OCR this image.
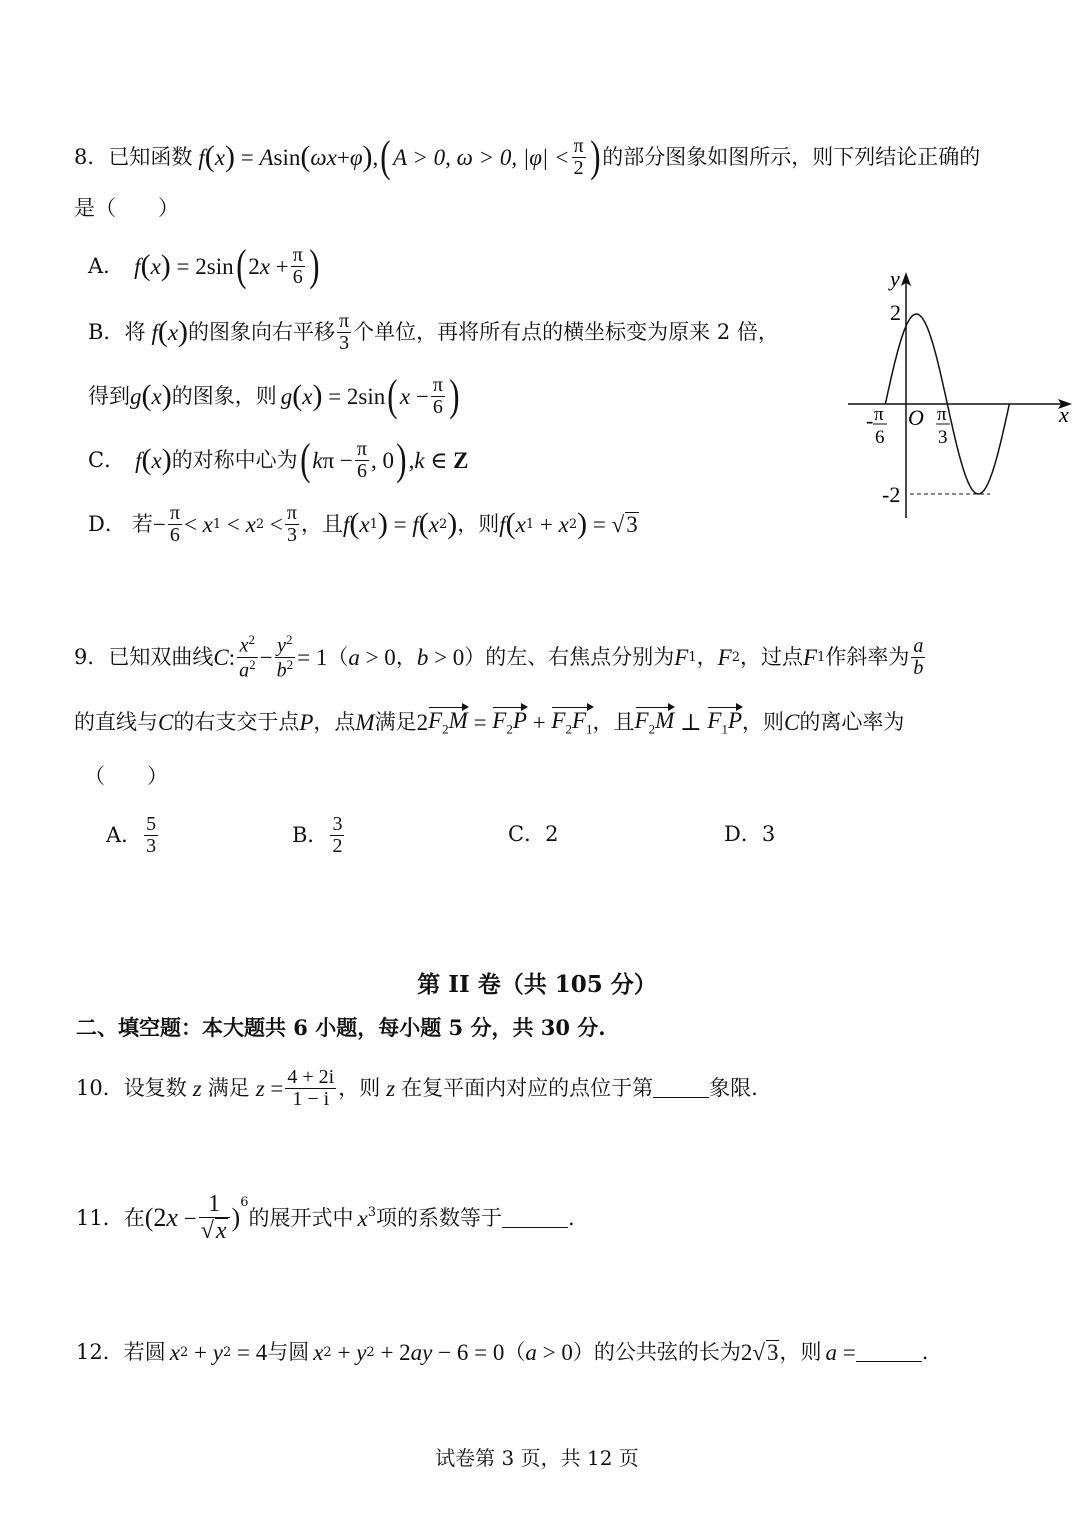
8． 已知函数 f ( x ) = A sin ( ωx + φ ) , ( A > 0, ω > 0, $|\varphi| < \frac{\pi}{2}$ ) 的部分图象如图所示，则下列结论正确的
是（　　）
A． f ( x ) = 2sin ( 2 $x + \frac{\pi}{6}$ )
B． 将 f ( x ) 的图象向右平移 $\frac{\pi}{3}$ 个单位，再将所有点的横坐标变为原来 2 倍，
得到 g ( x ) 的图象，则 g ( x ) = 2sin ( $x - \frac{\pi}{6}$ )
C． f ( x ) 的对称中心为 ( k $\pi - \frac{\pi}{6}$ , 0 ) , k ∈ Z
D． 若 − $\frac{\pi}{6} < x$ 1 < x $2 < \frac{\pi}{3}$ ，且 f ( x 1 ) = f ( x 2 ) ，则 f ( x 1 + x 2 ) = √ 3
y
x
O
2
-2
- π
6
π
3
9． 已知双曲线 C : $\frac{x^2}{a^2} - \frac{y^2}{b^2} = 1$ （ a > 0 ， b > 0 ）的左、右焦点分别为 F 1 ， F 2 ，过点 F 1 作斜率为 $\frac{a}{b}$
的直线与 C 的右支交于点 P ，点 M 满足 2 $F_2M = F_2P + F_2F_1$ ，且 $F_2M$ ⊥ $F_1P$ ，则 C 的离心率为
（　　）
A． $\frac{5}{3}$	B． $\frac{3}{2}$	C．2	D．3
第 II 卷（共 105 分）
二、填空题：本大题共 6 小题，每小题 5 分，共 30 分.
10． 设复数 z 满足 $z = \frac{4 + 2i}{1 - i}$ ，则 z 在复平面内对应的点位于第	象限.
11． 在 (2 $x - \frac{1}{√x}$ )
$^6$
的展开式中 $x^3$ 项的系数等于	.
12． 若圆 x 2 + y 2 = 4 与圆 x 2 + y 2 + 2 ay − 6 = 0 （ a > 0 ）的公共弦的长为 2√ 3 ，则 a =	.
试卷第 3 页，共 12 页
